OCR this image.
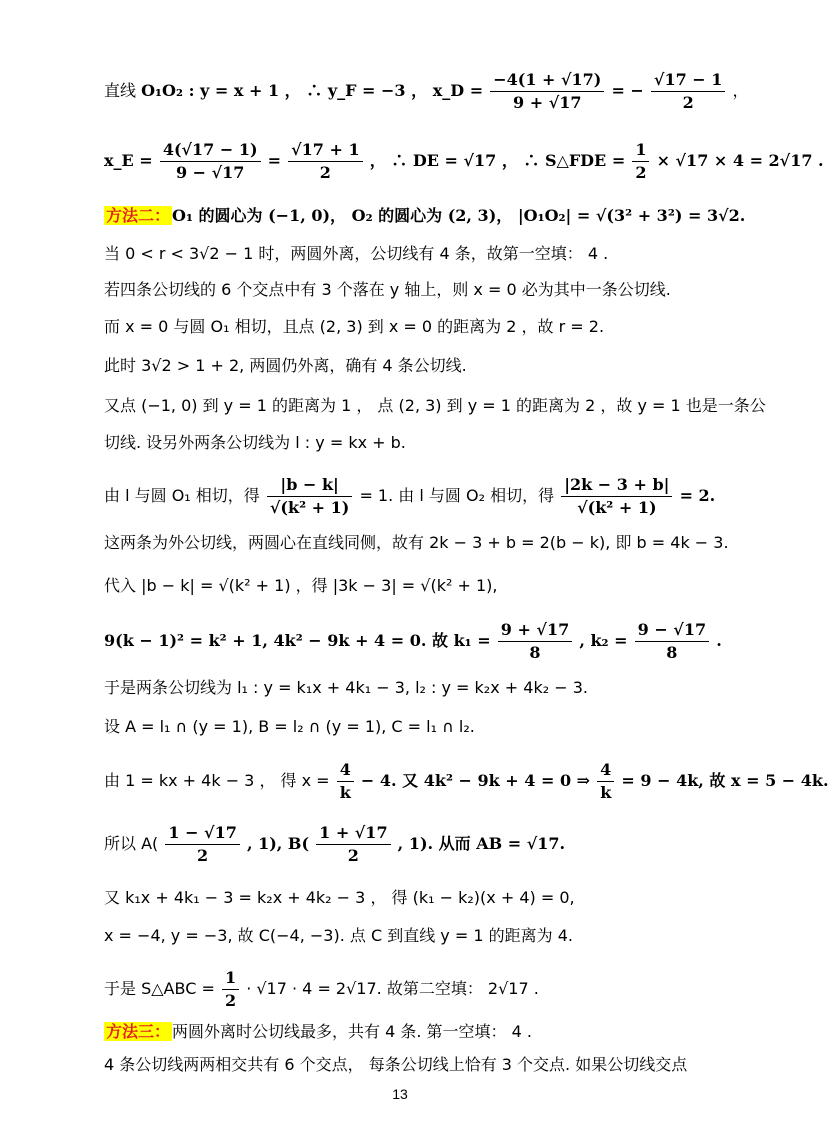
直线 O₁O₂ : y = x + 1 ， ∴ y_F = −3 ， x_D = $\frac{-4(1 + √17)}{9 + √17}$ = − $\frac{√17 - 1}{2}$ ，
x_E = $\frac{4(√17 - 1)}{9 - √17} = \frac{√17 + 1}{2}$ ， ∴ DE = √17 ， ∴ S△FDE = $\frac{1}{2} \times √17 \times 4 = 2√17$ .
方法二： O₁ 的圆心为 (−1, 0)， O₂ 的圆心为 (2, 3)， |O₁O₂| = √(3² + 3²) = 3√2.
当 0 < r < 3√2 − 1 时，两圆外离，公切线有 4 条，故第一空填： 4 .
若四条公切线的 6 个交点中有 3 个落在 y 轴上，则 x = 0 必为其中一条公切线.
而 x = 0 与圆 O₁ 相切，且点 (2, 3) 到 x = 0 的距离为 2 ，故 r = 2.
此时 3√2 > 1 + 2, 两圆仍外离，确有 4 条公切线.
又点 (−1, 0) 到 y = 1 的距离为 1 ， 点 (2, 3) 到 y = 1 的距离为 2 ，故 y = 1 也是一条公
切线. 设另外两条公切线为 l : y = kx + b.
由 l 与圆 O₁ 相切，得 $\frac{|b - k|}{\text{√(k² + 1)}} = 1$. 由 l 与圆 O₂ 相切，得 $\frac{|2k - 3 + b|}{\text{√(k² + 1)}} = 2$.
这两条为外公切线，两圆心在直线同侧，故有 2k − 3 + b = 2(b − k), 即 b = 4k − 3.
代入 |b − k| = √(k² + 1) ，得 |3k − 3| = √(k² + 1),
9(k − 1)² = k² + 1, 4k² − 9k + 4 = 0. 故 $k_1 = \frac{9 + √17}{8}$ , $k_2 = \frac{9 - √17}{8}$ .
于是两条公切线为 l₁ : y = k₁x + 4k₁ − 3, l₂ : y = k₂x + 4k₂ − 3.
设 A = l₁ ∩ (y = 1), B = l₂ ∩ (y = 1), C = l₁ ∩ l₂.
由 1 = kx + 4k − 3 ， 得 $x = \frac{4}{k} - 4$. 又 4k² − 9k + 4 = 0 ⇒ $\frac{4}{k} = 9 - 4k$, 故 x = 5 − 4k.
所以 $A( \frac{1 - √17}{2}$ , 1), $B( \frac{1 + √17}{2}$ , 1). 从而 AB = √17.
又 k₁x + 4k₁ − 3 = k₂x + 4k₂ − 3 ， 得 (k₁ − k₂)(x + 4) = 0,
x = −4, y = −3, 故 C(−4, −3). 点 C 到直线 y = 1 的距离为 4.
于是 S△ABC = $\frac{1}{2} \cdot √17 \cdot 4 = 2√17$. 故第二空填： 2√17 .
方法三： 两圆外离时公切线最多，共有 4 条. 第一空填： 4 .
4 条公切线两两相交共有 6 个交点， 每条公切线上恰有 3 个交点. 如果公切线交点
13
